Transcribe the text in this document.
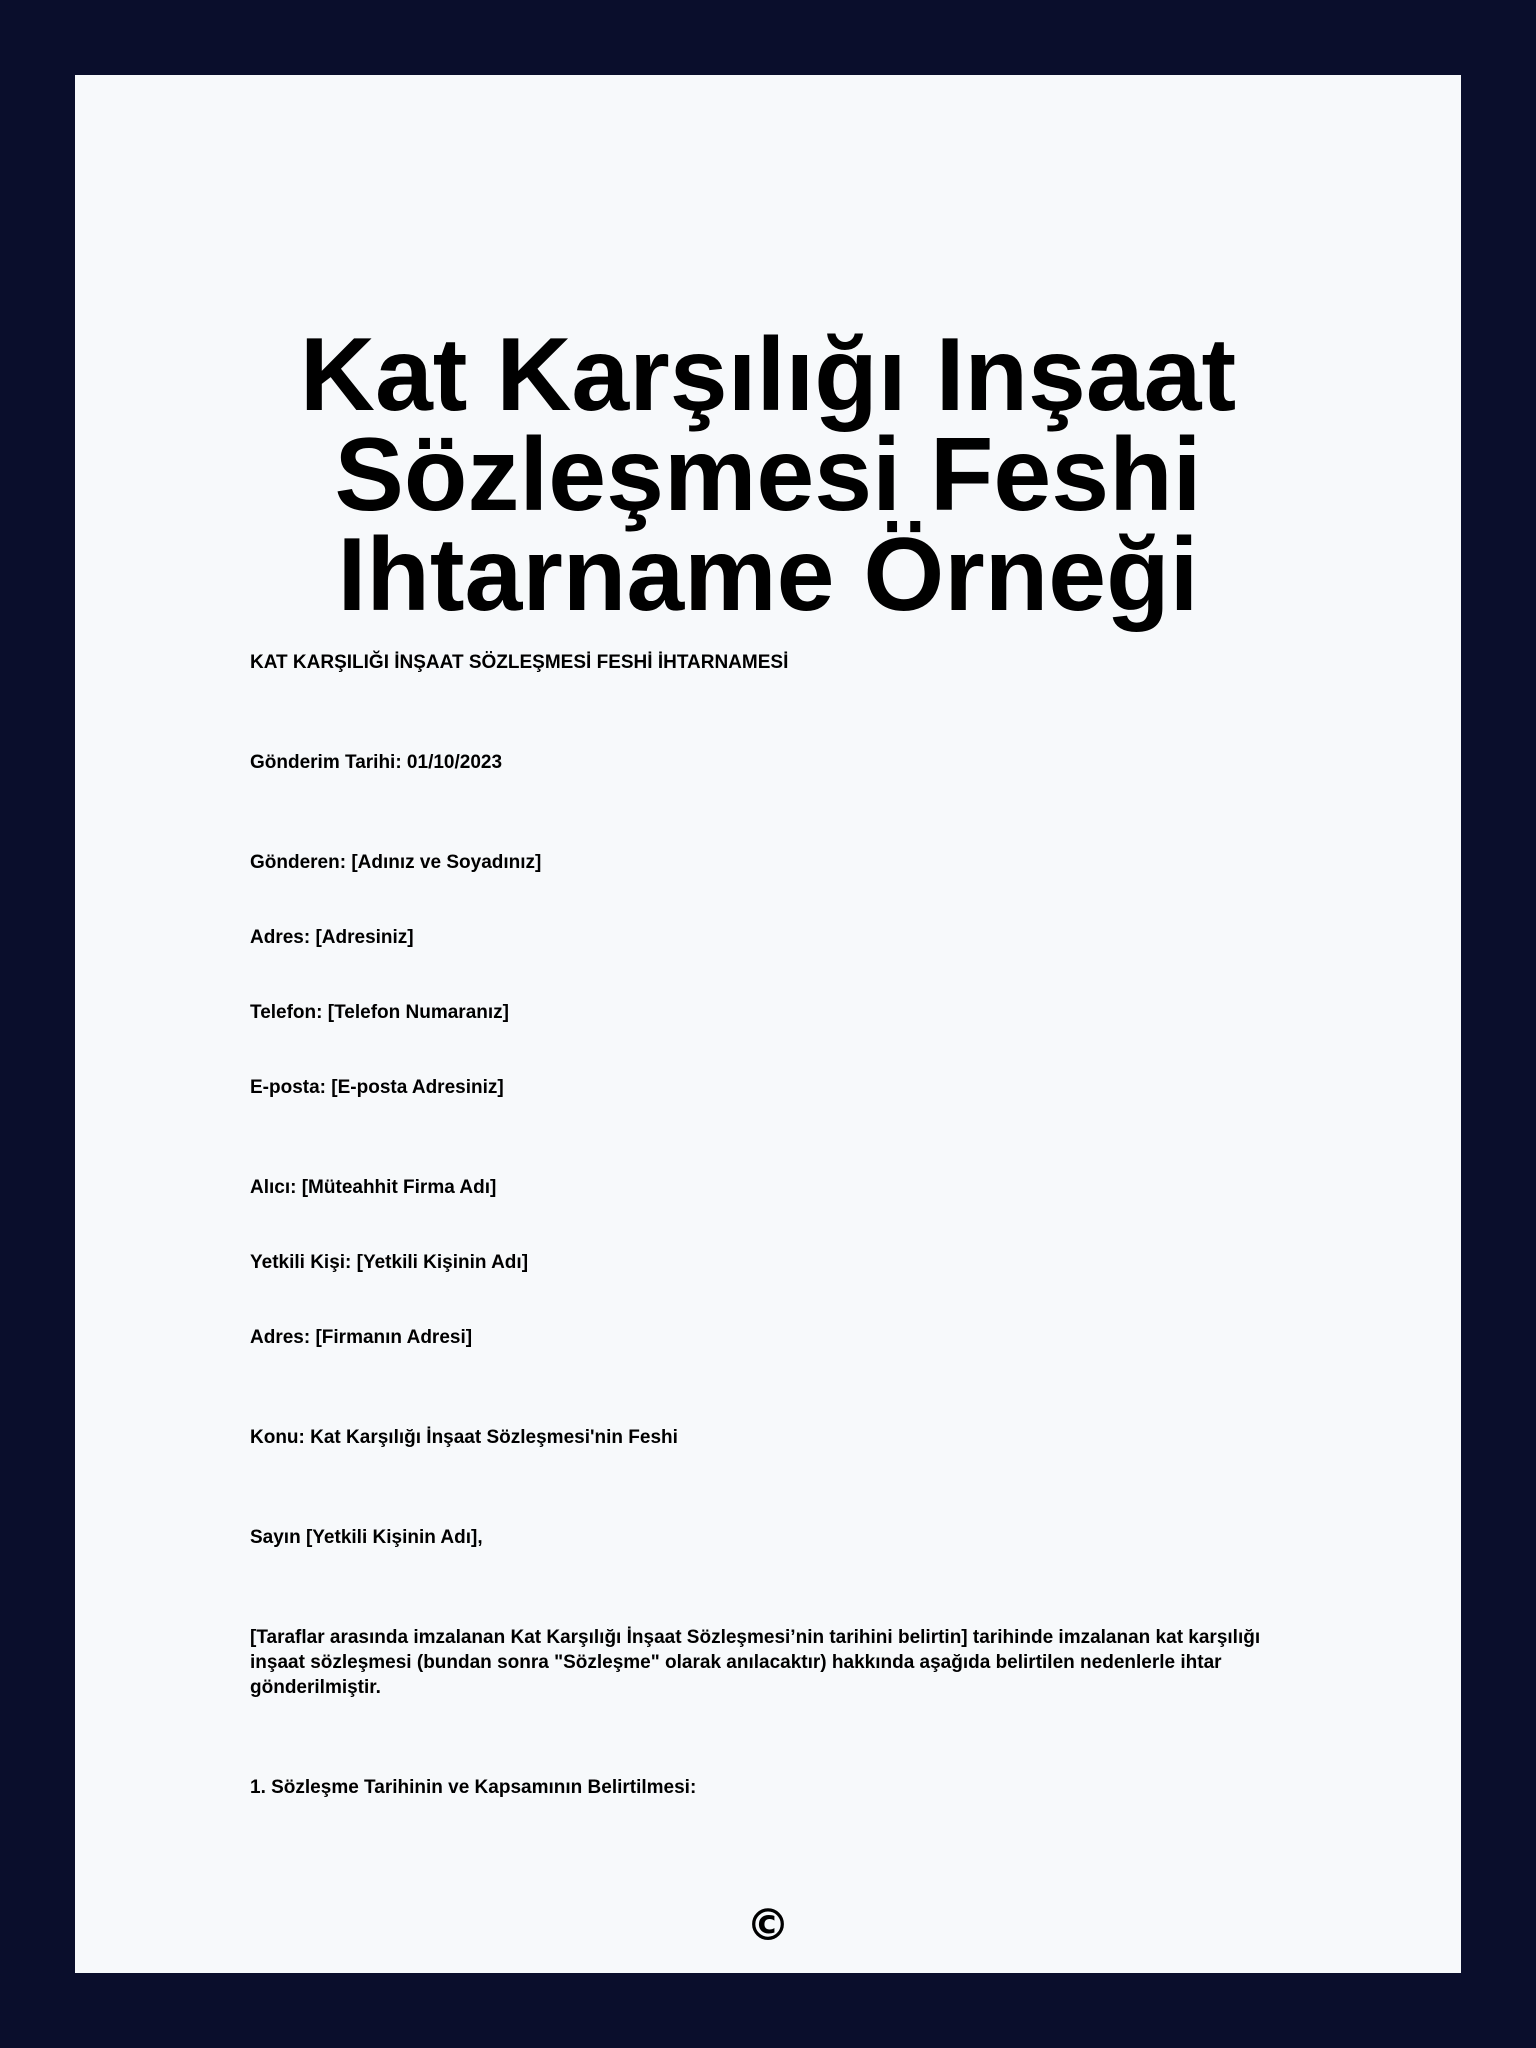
Kat Karşılığı Inşaat Sözleşmesi Feshi Ihtarname Örneği

KAT KARŞILIĞI İNŞAAT SÖZLEŞMESİ FESHİ İHTARNAMESİ

Gönderim Tarihi: 01/10/2023

Gönderen: [Adınız ve Soyadınız]

Adres: [Adresiniz]

Telefon: [Telefon Numaranız]

E-posta: [E-posta Adresiniz]

Alıcı: [Müteahhit Firma Adı]

Yetkili Kişi: [Yetkili Kişinin Adı]

Adres: [Firmanın Adresi]

Konu: Kat Karşılığı İnşaat Sözleşmesi'nin Feshi

Sayın [Yetkili Kişinin Adı],

[Taraflar arasında imzalanan Kat Karşılığı İnşaat Sözleşmesi’nin tarihini belirtin] tarihinde imzalanan kat karşılığı inşaat sözleşmesi (bundan sonra "Sözleşme" olarak anılacaktır) hakkında aşağıda belirtilen nedenlerle ihtar gönderilmiştir.

1. Sözleşme Tarihinin ve Kapsamının Belirtilmesi:

©
